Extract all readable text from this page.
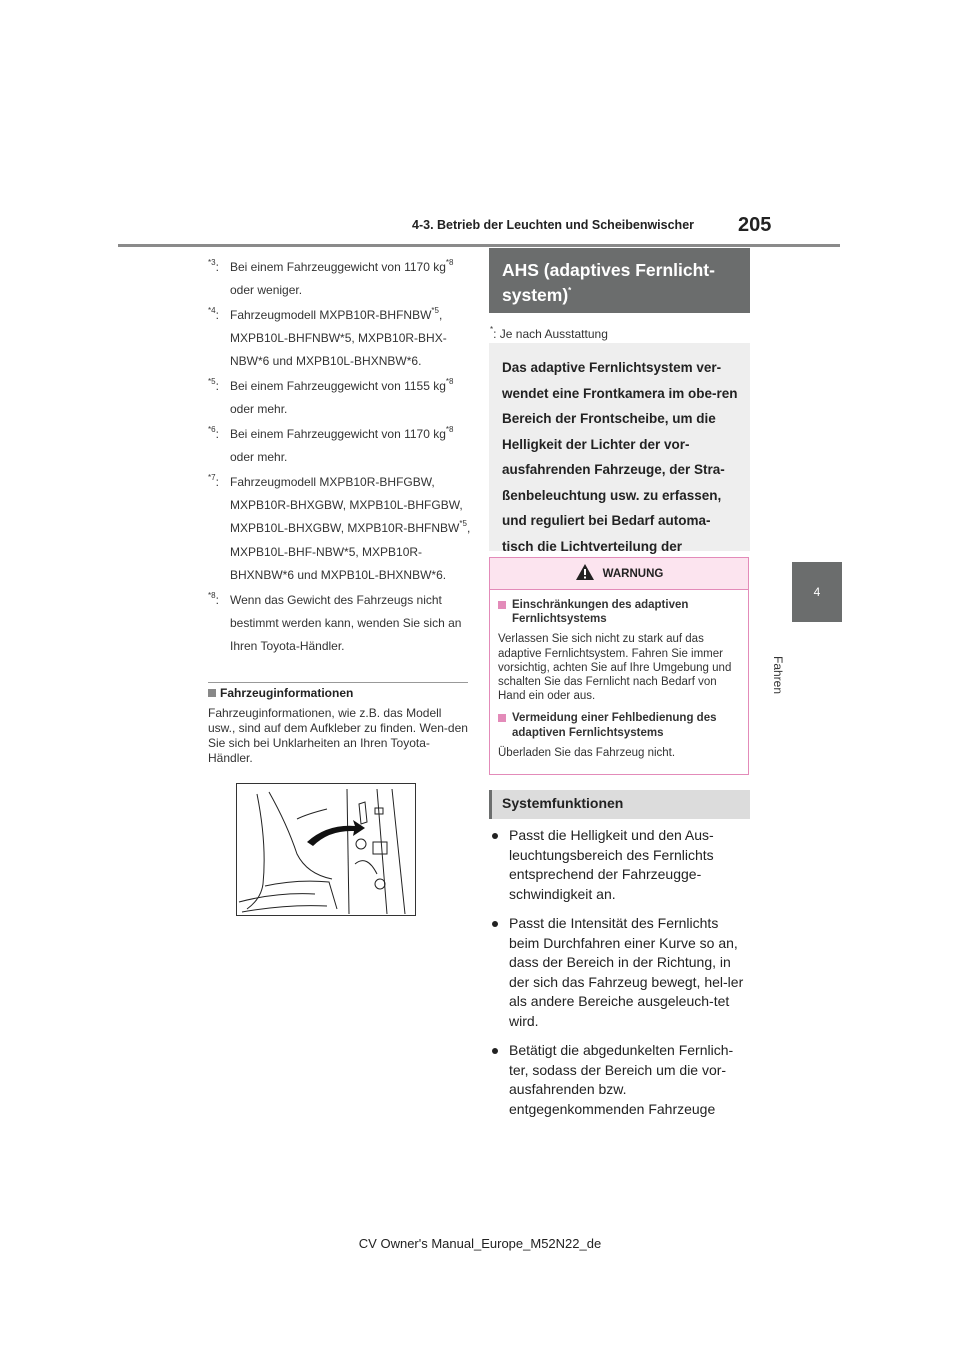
4-3. Betrieb der Leuchten und Scheibenwischer 205
4
Fahren
$^{*3}$: Bei einem Fahrzeuggewicht von 1170 $kg^{*8}$ oder weniger.
$^{*4}$: Fahrzeugmodell MXPB10R-BHFNBW$^{*5}$, MXPB10L-BHFNBW*5, MXPB10R-BHX-NBW*6 und MXPB10L-BHXNBW*6.
$^{*5}$: Bei einem Fahrzeuggewicht von 1155 $kg^{*8}$ oder mehr.
$^{*6}$: Bei einem Fahrzeuggewicht von 1170 $kg^{*8}$ oder mehr.
$^{*7}$: Fahrzeugmodell MXPB10R-BHFGBW, MXPB10R-BHXGBW, MXPB10L-BHFGBW, MXPB10L-BHXGBW, MXPB10R-BHFNBW$^{*5}$, MXPB10L-BHF-NBW*5, MXPB10R-BHXNBW*6 und MXPB10L-BHXNBW*6.
$^{*8}$: Wenn das Gewicht des Fahrzeugs nicht bestimmt werden kann, wenden Sie sich an Ihren Toyota-Händler.
Fahrzeuginformationen
Fahrzeuginformationen, wie z.B. das Modell usw., sind auf dem Aufkleber zu finden. Wen-den Sie sich bei Unklarheiten an Ihren Toyota-Händler.
AHS (adaptives Fernlicht-system)*
*: Je nach Ausstattung
Das adaptive Fernlichtsystem ver-wendet eine Frontkamera im obe-ren Bereich der Frontscheibe, um die Helligkeit der Lichter der vor-ausfahrenden Fahrzeuge, der Stra-ßenbeleuchtung usw. zu erfassen, und reguliert bei Bedarf automa-tisch die Lichtverteilung der
WARNUNG
Einschränkungen des adaptiven Fernlichtsystems
Verlassen Sie sich nicht zu stark auf das adaptive Fernlichtsystem. Fahren Sie immer vorsichtig, achten Sie auf Ihre Umgebung und schalten Sie das Fernlicht nach Bedarf von Hand ein oder aus.
Vermeidung einer Fehlbedienung des adaptiven Fernlichtsystems
Überladen Sie das Fahrzeug nicht.
Systemfunktionen
Passt die Helligkeit und den Aus-leuchtungsbereich des Fernlichts entsprechend der Fahrzeugge-schwindigkeit an.
Passt die Intensität des Fernlichts beim Durchfahren einer Kurve so an, dass der Bereich in der Richtung, in der sich das Fahrzeug bewegt, hel-ler als andere Bereiche ausgeleuch-tet wird.
Betätigt die abgedunkelten Fernlich-ter, sodass der Bereich um die vor-ausfahrenden bzw. entgegenkommenden Fahrzeuge
CV Owner's Manual_Europe_M52N22_de
